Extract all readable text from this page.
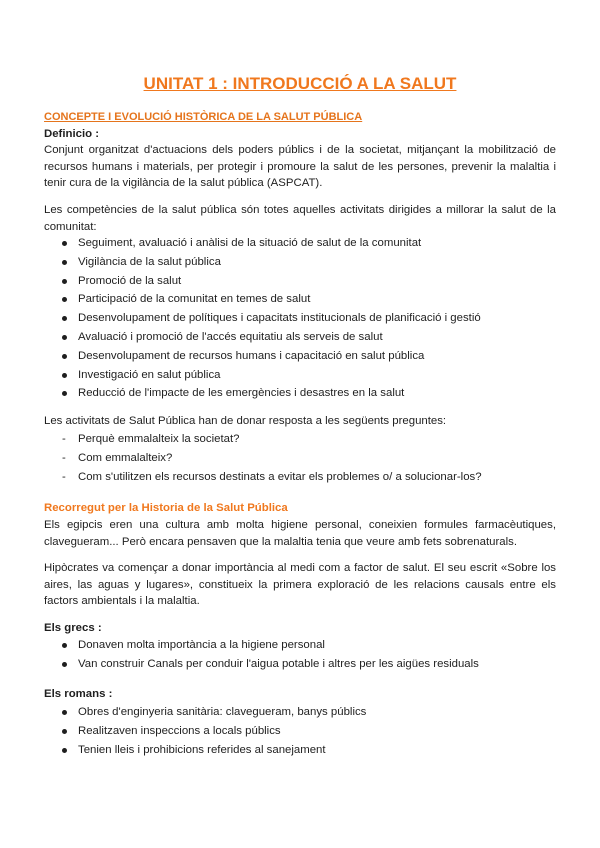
UNITAT 1 : INTRODUCCIÓ A LA SALUT

CONCEPTE I EVOLUCIÓ HISTÒRICA DE LA SALUT PÚBLICA

Definicio :

Conjunt organitzat d'actuacions dels poders públics i de la societat, mitjançant la mobilització de recursos humans i materials, per protegir i promoure la salut de les persones, prevenir la malaltia i tenir cura de la vigilància de la salut pública (ASPCAT).

Les competències de la salut pública són totes aquelles activitats dirigides a millorar la salut de la comunitat:

Seguiment, avaluació i anàlisi de la situació de salut de la comunitat
Vigilància de la salut pública
Promoció de la salut
Participació de la comunitat en temes de salut
Desenvolupament de polítiques i capacitats institucionals de planificació i gestió
Avaluació i promoció de l'accés equitatiu als serveis de salut
Desenvolupament de recursos humans i capacitació en salut pública
Investigació en salut pública
Reducció de l'impacte de les emergències i desastres en la salut

Les activitats de Salut Pública han de donar resposta a les següents preguntes:

- Perquè emmalalteix la societat?
- Com emmalalteix?
- Com s'utilitzen els recursos destinats a evitar els problemes o/ a solucionar-los?

Recorregut per la Historia de la Salut Pública

Els egipcis eren una cultura amb molta higiene personal, coneixien formules farmacèutiques, clavegueram... Però encara pensaven que la malaltia tenia que veure amb fets sobrenaturals.

Hipòcrates va començar a donar importància al medi com a factor de salut. El seu escrit «Sobre los aires, las aguas y lugares», constitueix la primera exploració de les relacions causals entre els factors ambientals i la malaltia.

Els grecs :

Donaven molta importància a la higiene personal
Van construir Canals per conduir l'aigua potable i altres per les aigües residuals

Els romans :

Obres d'enginyeria sanitària: clavegueram, banys públics
Realitzaven inspeccions a locals públics
Tenien lleis i prohibicions referides al sanejament
